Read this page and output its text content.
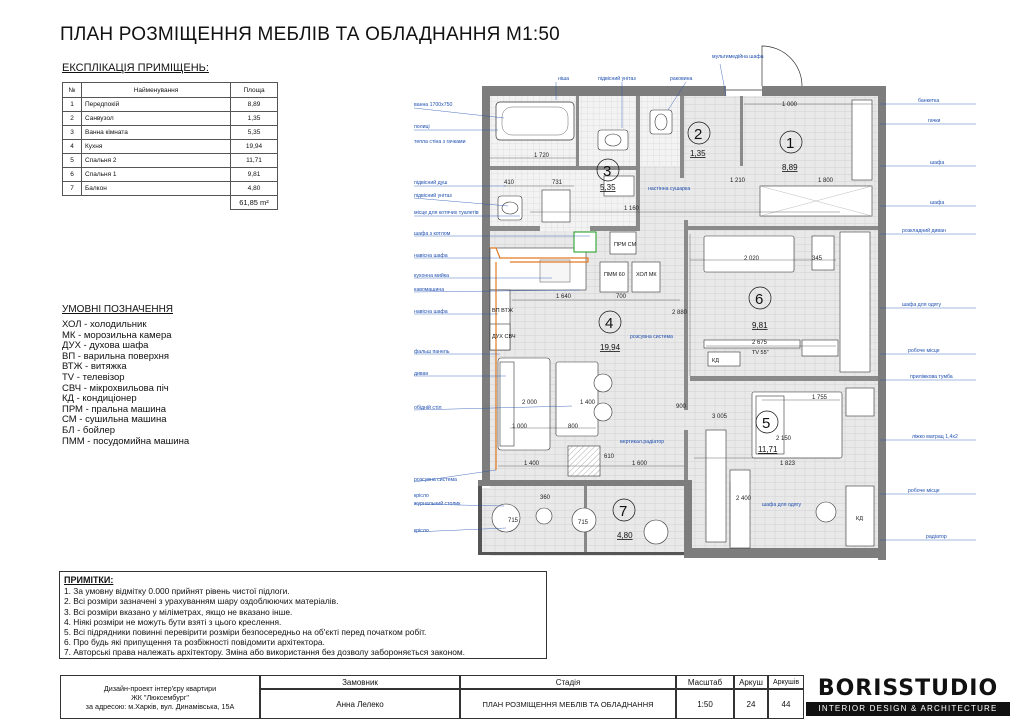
ПЛАН РОЗМІЩЕННЯ МЕБЛІВ ТА ОБЛАДНАННЯ М1:50
ЕКСПЛІКАЦІЯ ПРИМІЩЕНЬ:
№	Найменування	Площа
1	Передпокій	8,89
2	Санвузол	1,35
3	Ванна кімната	5,35
4	Кухня	19,94
5	Спальня 2	11,71
6	Спальня 1	9,81
7	Балкон	4,80
		61,85 m²
УМОВНІ ПОЗНАЧЕННЯ
ХОЛ - холодильник
МК - морозильна камера
ДУХ - духова шафа
ВП - варильна поверхня
ВТЖ - витяжка
TV - телевізор
СВЧ - мікрохвильова піч
КД - кондиціонер
ПРМ - пральна машина
СМ - сушильна машина
БЛ - бойлер
ПММ - посудомийна машина
1 000
1 720
410	731
1 160
1 210	1 800
2 020	345
1 640	700
2 675
1 000	800
1 400	1 600
1 755
2 150
1 823
2 400
715	715
360
2 880
900
3 005
2 000	1 400
610
ПРМ СМ
ПММ 60 ХОЛ МК
ВП ВТЖ
ДУХ СВЧ
КД
TV 55"
КД
1
8,89
2
1,35
3
5,35
4
19,94
5
11,71
6
9,81
7
4,80
ніша	підвісний унітаз	раковина
мультимедійна шафа
ванна 1700х750
полиці
тепла стіна з гачками
підвісний душ
підвісний унітаз
місце для котячих туалетів
шафа з котлом
навісна шафа
кухонна мийка
кавомашина
навісна шафа
фальш панель
диван
обідній стіл
розсувна система
крісло
журнальний столик
крісло
банкетка
гачки
шафа
шафа
розкладний диван
шафа для одягу
робоче місце
приліжкова тумба
ліжко матрац 1,4х2
робоче місце
радіатор
настінна сушарка
розсувна система
вертикал.радіатор
шафа для одягу
ПРИМІТКИ:
1. За умовну відмітку 0.000 прийнят рівень чистої підлоги.
2. Всі розміри зазначені з урахуванням шару оздоблюючих матеріалів.
3. Всі розміри вказано у міліметрах, якщо не вказано інше.
4. Ніякі розміри не можуть бути взяті з цього креслення.
5. Всі підрядники повинні перевірити розміри безпосередньо на об'єкті перед початком робіт.
6. Про будь які припущення та розбіжності повідомити архітектора.
7. Авторські права належать архітектору. Зміна або використання без дозволу забороняється законом.
Дизайн-проект інтер'єру квартири
ЖК "Люксембург"
за адресою: м.Харків, вул. Динамівська, 15А
Замовник
Анна Лелеко
Стадія
ПЛАН РОЗМІЩЕННЯ МЕБЛІВ ТА ОБЛАДНАННЯ
Масштаб
1:50
Аркуш
24
Аркушів
44
BORISSTUDIO
INTERIOR DESIGN & ARCHITECTURE
